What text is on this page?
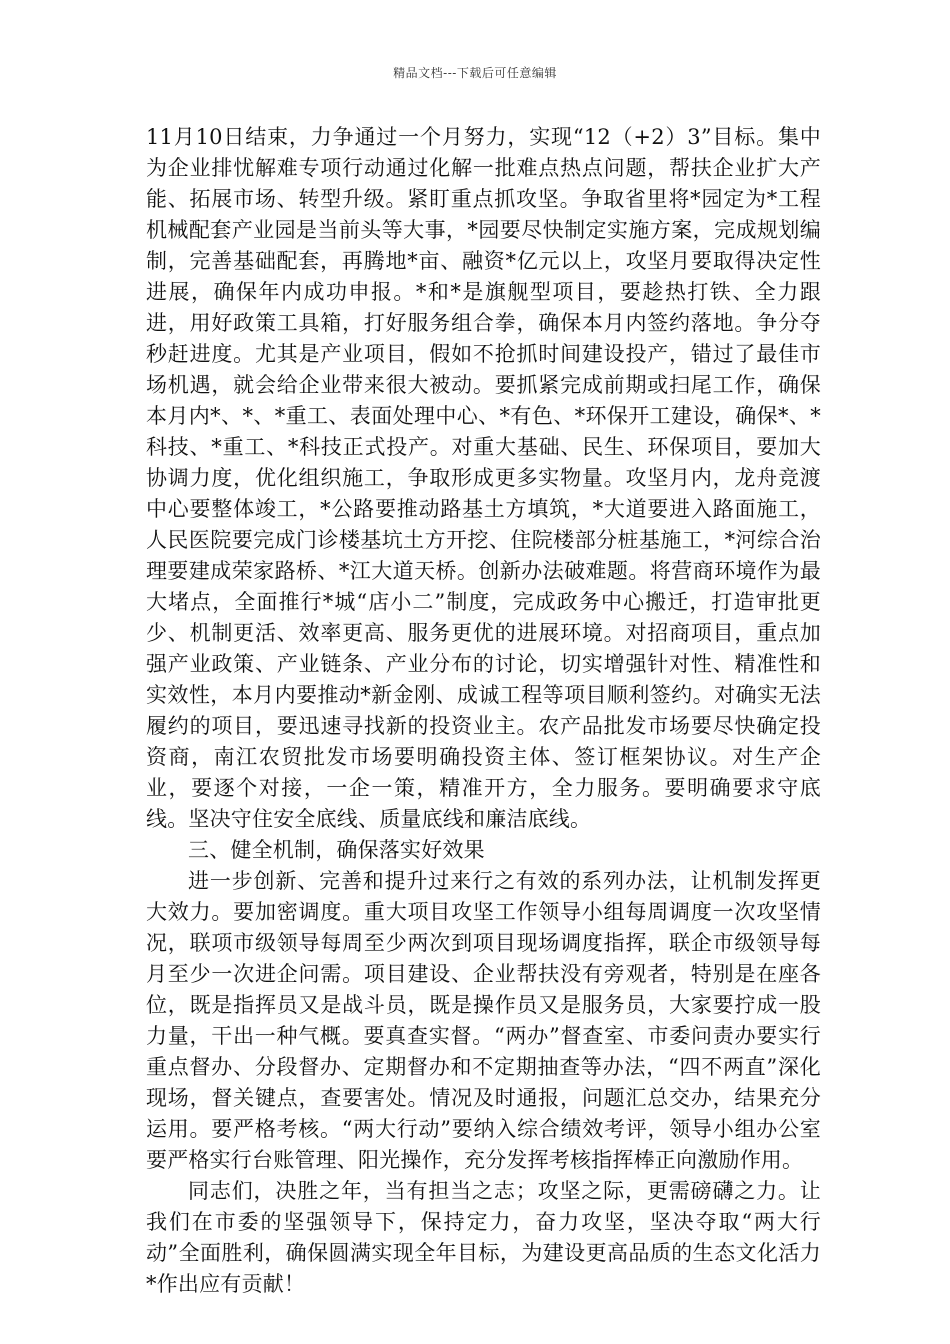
精品文档---下载后可任意编辑

11月10日结束，力争通过一个月努力，实现“12（+2）3”目标。集中为企业排忧解难专项行动通过化解一批难点热点问题，帮扶企业扩大产能、拓展市场、转型升级。紧盯重点抓攻坚。争取省里将*园定为*工程机械配套产业园是当前头等大事，*园要尽快制定实施方案，完成规划编制，完善基础配套，再腾地*亩、融资*亿元以上，攻坚月要取得决定性进展，确保年内成功申报。*和*是旗舰型项目，要趁热打铁、全力跟进，用好政策工具箱，打好服务组合拳，确保本月内签约落地。争分夺秒赶进度。尤其是产业项目，假如不抢抓时间建设投产，错过了最佳市场机遇，就会给企业带来很大被动。要抓紧完成前期或扫尾工作，确保本月内*、*、*重工、表面处理中心、*有色、*环保开工建设，确保*、*科技、*重工、*科技正式投产。对重大基础、民生、环保项目，要加大协调力度，优化组织施工，争取形成更多实物量。攻坚月内，龙舟竞渡中心要整体竣工，*公路要推动路基土方填筑，*大道要进入路面施工，人民医院要完成门诊楼基坑土方开挖、住院楼部分桩基施工，*河综合治理要建成荣家路桥、*江大道天桥。创新办法破难题。将营商环境作为最大堵点，全面推行*城“店小二”制度，完成政务中心搬迁，打造审批更少、机制更活、效率更高、服务更优的进展环境。对招商项目，重点加强产业政策、产业链条、产业分布的讨论，切实增强针对性、精准性和实效性，本月内要推动*新金刚、成诚工程等项目顺利签约。对确实无法履约的项目，要迅速寻找新的投资业主。农产品批发市场要尽快确定投资商，南江农贸批发市场要明确投资主体、签订框架协议。对生产企业，要逐个对接，一企一策，精准开方，全力服务。要明确要求守底线。坚决守住安全底线、质量底线和廉洁底线。

三、健全机制，确保落实好效果

进一步创新、完善和提升过来行之有效的系列办法，让机制发挥更大效力。要加密调度。重大项目攻坚工作领导小组每周调度一次攻坚情况，联项市级领导每周至少两次到项目现场调度指挥，联企市级领导每月至少一次进企问需。项目建设、企业帮扶没有旁观者，特别是在座各位，既是指挥员又是战斗员，既是操作员又是服务员，大家要拧成一股力量，干出一种气概。要真查实督。“两办”督查室、市委问责办要实行重点督办、分段督办、定期督办和不定期抽查等办法，“四不两直”深化现场，督关键点，查要害处。情况及时通报，问题汇总交办，结果充分运用。要严格考核。“两大行动”要纳入综合绩效考评，领导小组办公室要严格实行台账管理、阳光操作，充分发挥考核指挥棒正向激励作用。

同志们，决胜之年，当有担当之志；攻坚之际，更需磅礴之力。让我们在市委的坚强领导下，保持定力，奋力攻坚，坚决夺取“两大行动”全面胜利，确保圆满实现全年目标，为建设更高品质的生态文化活力*作出应有贡献！
